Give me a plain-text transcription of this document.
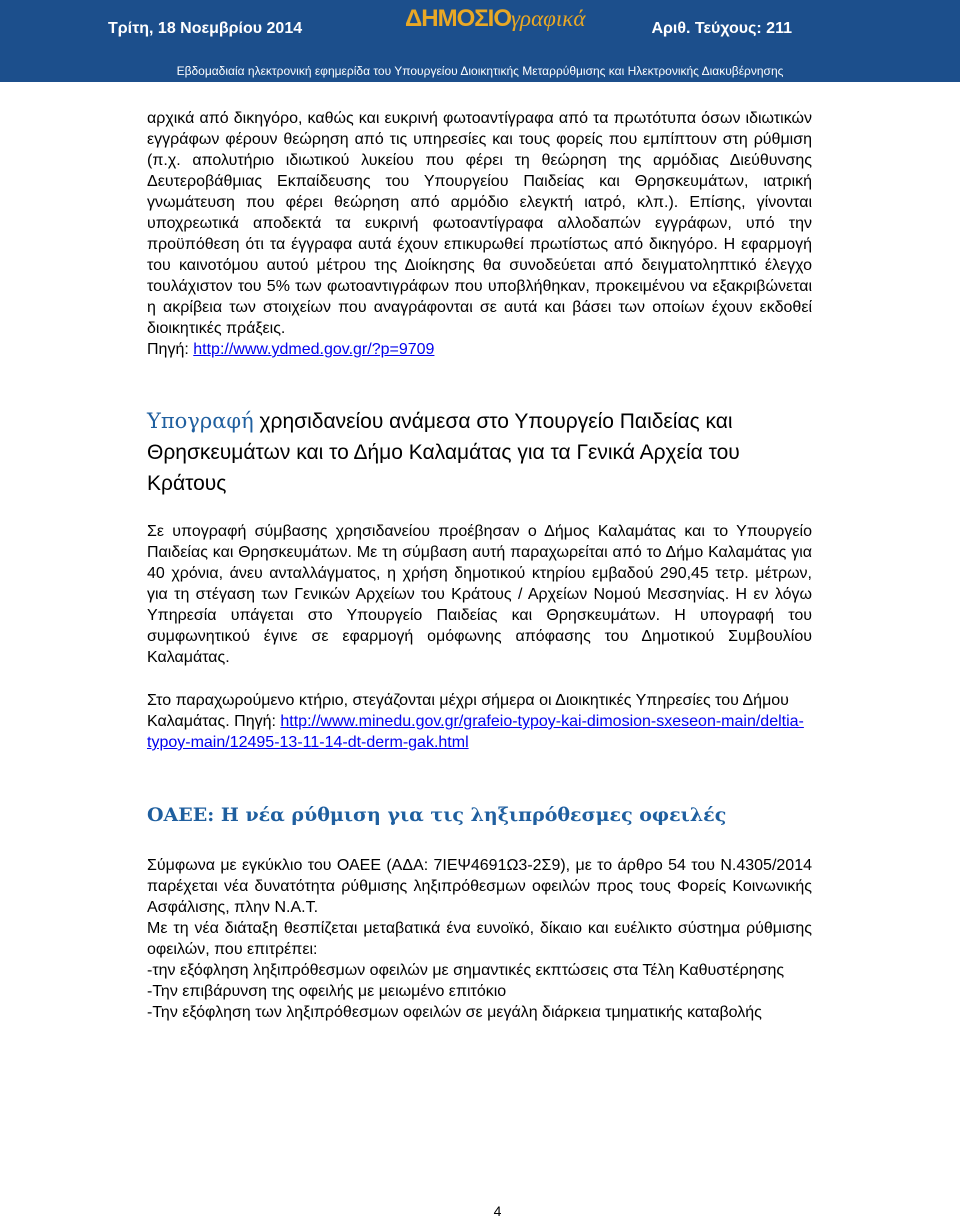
Τρίτη, 18 Νοεμβρίου 2014	ΔΗΜΟΣΙΟγραφικά	Αριθ. Τεύχους: 211
Εβδομαδιαία ηλεκτρονική εφημερίδα του Υπουργείου Διοικητικής Μεταρρύθμισης και Ηλεκτρονικής Διακυβέρνησης

αρχικά από δικηγόρο, καθώς και ευκρινή φωτοαντίγραφα από τα πρωτότυπα όσων ιδιωτικών εγγράφων φέρουν θεώρηση από τις υπηρεσίες και τους φορείς που εμπίπτουν στη ρύθμιση (π.χ. απολυτήριο ιδιωτικού λυκείου που φέρει τη θεώρηση της αρμόδιας Διεύθυνσης Δευτεροβάθμιας Εκπαίδευσης του Υπουργείου Παιδείας και Θρησκευμάτων, ιατρική γνωμάτευση που φέρει θεώρηση από αρμόδιο ελεγκτή ιατρό, κλπ.). Επίσης, γίνονται υποχρεωτικά αποδεκτά τα ευκρινή φωτοαντίγραφα αλλοδαπών εγγράφων, υπό την προϋπόθεση ότι τα έγγραφα αυτά έχουν επικυρωθεί πρωτίστως από δικηγόρο. Η εφαρμογή του καινοτόμου αυτού μέτρου της Διοίκησης θα συνοδεύεται από δειγματοληπτικό έλεγχο τουλάχιστον του 5% των φωτοαντιγράφων που υποβλήθηκαν, προκειμένου να εξακριβώνεται η ακρίβεια των στοιχείων που αναγράφονται σε αυτά και βάσει των οποίων έχουν εκδοθεί διοικητικές πράξεις.
Πηγή: http://www.ydmed.gov.gr/?p=9709

Υπογραφή χρησιδανείου ανάμεσα στο Υπουργείο Παιδείας και Θρησκευμάτων και το Δήμο Καλαμάτας για τα Γενικά Αρχεία του Κράτους

Σε υπογραφή σύμβασης χρησιδανείου προέβησαν ο Δήμος Καλαμάτας και το Υπουργείο Παιδείας και Θρησκευμάτων. Με τη σύμβαση αυτή παραχωρείται από το Δήμο Καλαμάτας για 40 χρόνια, άνευ ανταλλάγματος, η χρήση δημοτικού κτηρίου εμβαδού 290,45 τετρ. μέτρων, για τη στέγαση των Γενικών Αρχείων του Κράτους / Αρχείων Νομού Μεσσηνίας. Η εν λόγω Υπηρεσία υπάγεται στο Υπουργείο Παιδείας και Θρησκευμάτων. Η υπογραφή του συμφωνητικού έγινε σε εφαρμογή ομόφωνης απόφασης του Δημοτικού Συμβουλίου Καλαμάτας.

Στο παραχωρούμενο κτήριο, στεγάζονται μέχρι σήμερα οι Διοικητικές Υπηρεσίες του Δήμου Καλαμάτας. Πηγή: http://www.minedu.gov.gr/grafeio-typoy-kai-dimosion-sxeseon-main/deltia-typoy-main/12495-13-11-14-dt-derm-gak.html

ΟΑΕΕ: Η νέα ρύθμιση για τις ληξιπρόθεσμες οφειλές

Σύμφωνα με εγκύκλιο του ΟΑΕΕ (ΑΔΑ: 7ΙΕΨ4691Ω3-2Σ9), με το άρθρο 54 του Ν.4305/2014 παρέχεται νέα δυνατότητα ρύθμισης ληξιπρόθεσμων οφειλών προς τους Φορείς Κοινωνικής Ασφάλισης, πλην Ν.Α.Τ.

Με τη νέα διάταξη θεσπίζεται μεταβατικά ένα ευνοϊκό, δίκαιο και ευέλικτο σύστημα ρύθμισης οφειλών, που επιτρέπει:

-την εξόφληση ληξιπρόθεσμων οφειλών με σημαντικές εκπτώσεις στα Τέλη Καθυστέρησης

-Την επιβάρυνση της οφειλής με μειωμένο επιτόκιο

-Την εξόφληση των ληξιπρόθεσμων οφειλών σε μεγάλη διάρκεια τμηματικής καταβολής

4
